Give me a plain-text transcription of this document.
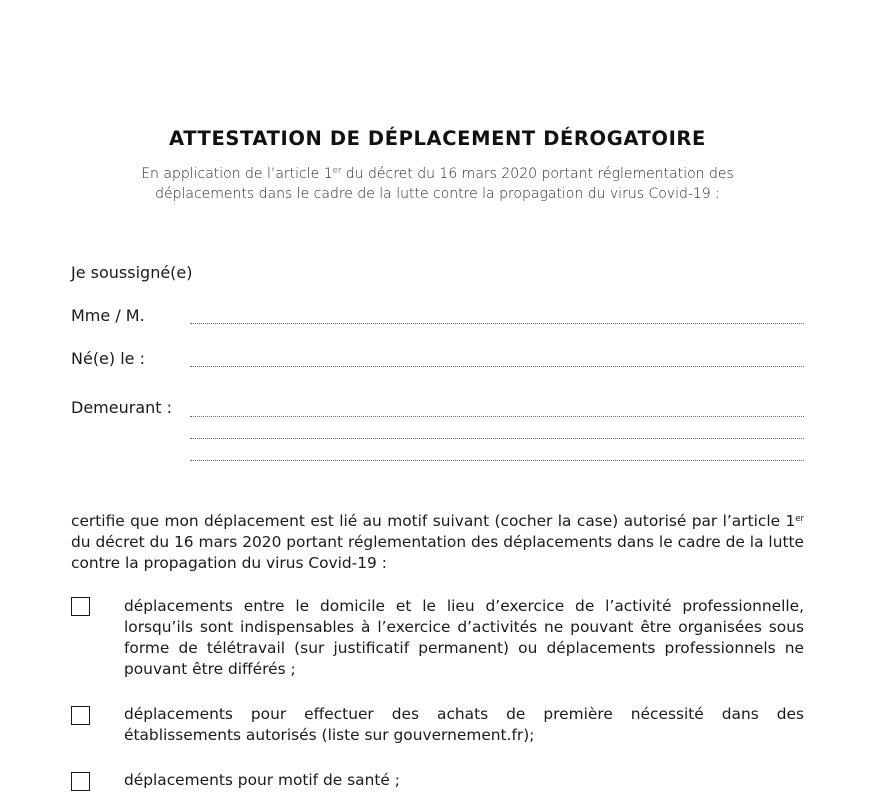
ATTESTATION DE DÉPLACEMENT DÉROGATOIRE
En application de l’article 1er du décret du 16 mars 2020 portant réglementation des
déplacements dans le cadre de la lutte contre la propagation du virus Covid-19 :
Je soussigné(e)
Mme / M.
Né(e) le :
Demeurant :
certifie que mon déplacement est lié au motif suivant (cocher la case) autorisé par l’article 1er du décret du 16 mars 2020 portant réglementation des déplacements dans le cadre de la lutte contre la propagation du virus Covid-19 :
déplacements entre le domicile et le lieu d’exercice de l’activité professionnelle, lorsqu’ils sont indispensables à l’exercice d’activités ne pouvant être organisées sous forme de télétravail (sur justificatif permanent) ou déplacements professionnels ne pouvant être différés ;
déplacements pour effectuer des achats de première nécessité dans des établissements autorisés (liste sur gouvernement.fr);
déplacements pour motif de santé ;
